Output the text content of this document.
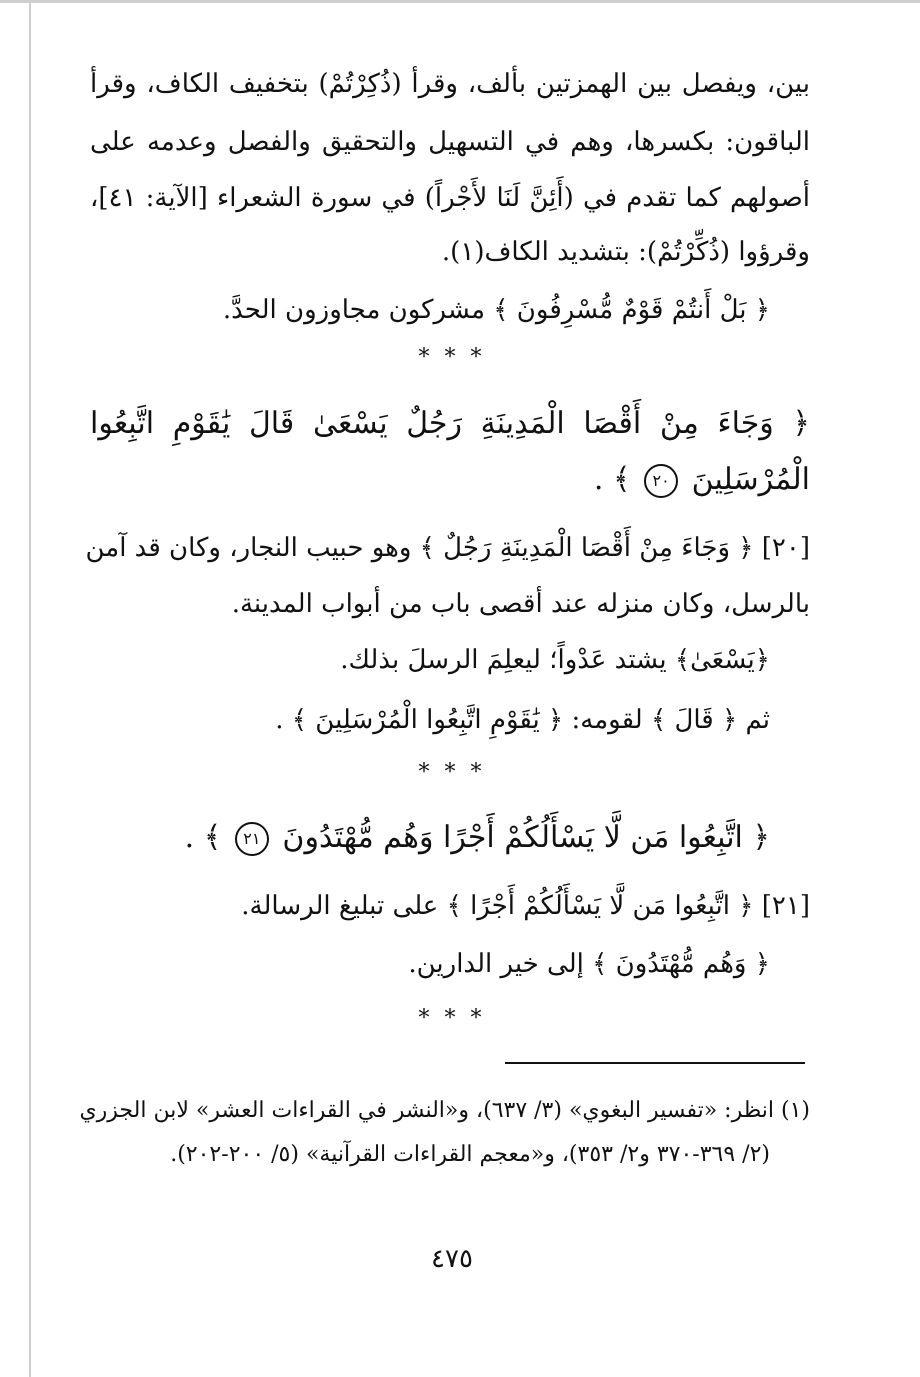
بين، ويفصل بين الهمزتين بألف، وقرأ (ذُكِرْتُمْ) بتخفيف الكاف، وقرأ
الباقون: بكسرها، وهم في التسهيل والتحقيق والفصل وعدمه على
أصولهم كما تقدم في (أَئِنَّ لَنَا لأَجْراً) في سورة الشعراء [الآية: ٤١]،
وقرؤوا (ذُكِّرْتُمْ): بتشديد الكاف(١).
﴿ بَلْ أَنتُمْ قَوْمٌ مُّسْرِفُونَ ﴾ مشركون مجاوزون الحدَّ.
* * *
﴿ وَجَاءَ مِنْ أَقْصَا الْمَدِينَةِ رَجُلٌ يَسْعَىٰ قَالَ يَٰقَوْمِ اتَّبِعُوا
الْمُرْسَلِينَ ٢٠ ﴾ .
[٢٠] ﴿ وَجَاءَ مِنْ أَقْصَا الْمَدِينَةِ رَجُلٌ ﴾ وهو حبيب النجار، وكان قد آمن
بالرسل، وكان منزله عند أقصى باب من أبواب المدينة.
﴿يَسْعَىٰ﴾ يشتد عَدْواً؛ ليعلِمَ الرسلَ بذلك.
ثم ﴿ قَالَ ﴾ لقومه: ﴿ يَٰقَوْمِ اتَّبِعُوا الْمُرْسَلِينَ ﴾ .
* * *
﴿ اتَّبِعُوا مَن لَّا يَسْأَلُكُمْ أَجْرًا وَهُم مُّهْتَدُونَ ٢١ ﴾ .
[٢١] ﴿ اتَّبِعُوا مَن لَّا يَسْأَلُكُمْ أَجْرًا ﴾ على تبليغ الرسالة.
﴿ وَهُم مُّهْتَدُونَ ﴾ إلى خير الدارين.
* * *
(١) انظر: «تفسير البغوي» (٣/ ٦٣٧)، و«النشر في القراءات العشر» لابن الجزري
(٢/ ٣٦٩-٣٧٠ و٢/ ٣٥٣)، و«معجم القراءات القرآنية» (٥/ ٢٠٠-٢٠٢).
٤٧٥
